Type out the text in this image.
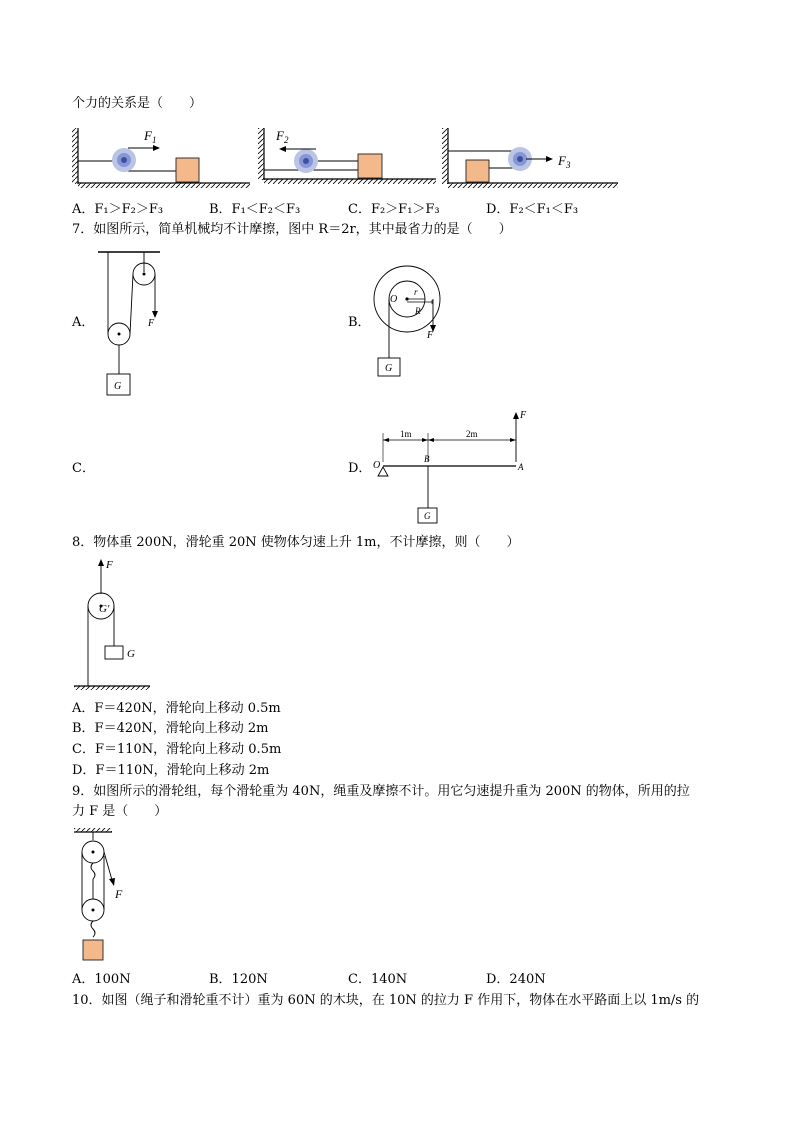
个力的关系是（　　）
$F_1$	$F_2$
$F_3$
A．F₁＞F₂＞F₃	B．F₁＜F₂＜F₃	C．F₂＞F₁＞F₃	D．F₂＜F₁＜F₃
7．如图所示，简单机械均不计摩擦，图中 R＝2r，其中最省力的是（　　）
A．	F
G
B．
O
r
R
F
G
C．	D．
F
1m	2m
O
B
A
G
8．物体重 200N，滑轮重 20N 使物体匀速上升 1m，不计摩擦，则（　　）
F
G′
G
A．F＝420N，滑轮向上移动 0.5m
B．F＝420N，滑轮向上移动 2m
C．F＝110N，滑轮向上移动 0.5m
D．F＝110N，滑轮向上移动 2m
9．如图所示的滑轮组，每个滑轮重为 40N，绳重及摩擦不计。用它匀速提升重为 200N 的物体，所用的拉
力 F 是（　　）
F
A．100N	B．120N	C．140N	D．240N
10．如图（绳子和滑轮重不计）重为 60N 的木块，在 10N 的拉力 F 作用下，物体在水平路面上以 1m/s 的
